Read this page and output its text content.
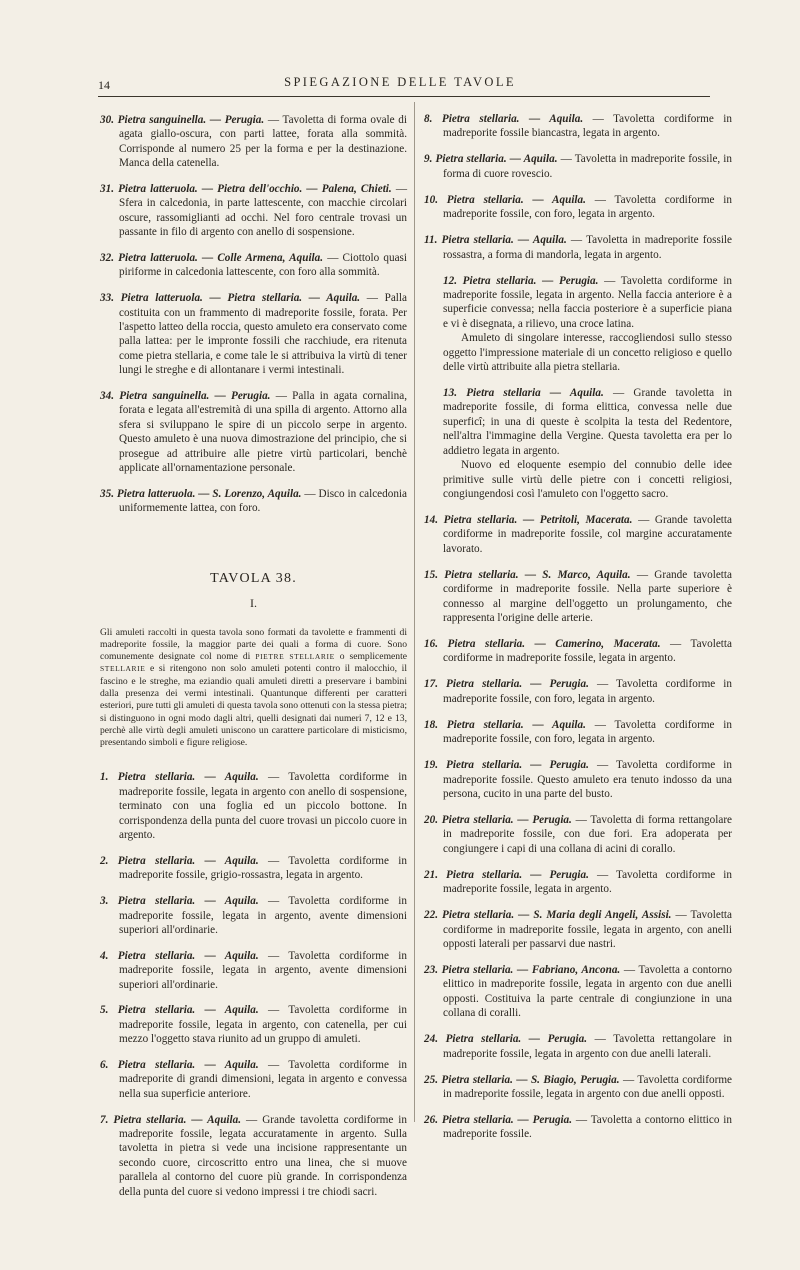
14	SPIEGAZIONE DELLE TAVOLE
30. Pietra sanguinella. — Perugia. — Tavoletta di forma ovale di agata giallo-oscura, con parti lattee, forata alla sommità. Corrisponde al numero 25 per la forma e per la destinazione. Manca della catenella.
31. Pietra latteruola. — Pietra dell'occhio. — Palena, Chieti. — Sfera in calcedonia, in parte lattescente, con macchie circolari oscure, rassomiglianti ad occhi. Nel foro centrale trovasi un passante in filo di argento con anello di sospensione.
32. Pietra latteruola. — Colle Armena, Aquila. — Ciottolo quasi piriforme in calcedonia lattescente, con foro alla sommità.
33. Pietra latteruola. — Pietra stellaria. — Aquila. — Palla costituita con un frammento di madreporite fossile, forata. Per l'aspetto latteo della roccia, questo amuleto era conservato come palla lattea: per le impronte fossili che racchiude, era ritenuta come pietra stellaria, e come tale le si attribuiva la virtù di tener lungi le streghe e di allontanare i vermi intestinali.
34. Pietra sanguinella. — Perugia. — Palla in agata cornalina, forata e legata all'estremità di una spilla di argento. Attorno alla sfera si sviluppano le spire di un piccolo serpe in argento. Questo amuleto è una nuova dimostrazione del principio, che si prosegue ad attribuire alle pietre virtù particolari, benchè applicate all'ornamentazione personale.
35. Pietra latteruola. — S. Lorenzo, Aquila. — Disco in calcedonia uniformemente lattea, con foro.
TAVOLA 38.
I.
Gli amuleti raccolti in questa tavola sono formati da tavolette e frammenti di madreporite fossile, la maggior parte dei quali a forma di cuore. Sono comunemente designate col nome di PIETRE STELLARIE o semplicemente STELLARIE e si ritengono non solo amuleti potenti contro il malocchio, il fascino e le streghe, ma eziandio quali amuleti diretti a preservare i bambini dalla presenza dei vermi intestinali. Quantunque differenti per caratteri esteriori, pure tutti gli amuleti di questa tavola sono ottenuti con la stessa pietra; si distinguono in ogni modo dagli altri, quelli designati dai numeri 7, 12 e 13, perchè alle virtù degli amuleti uniscono un carattere particolare di misticismo, presentando simboli e figure religiose.
1. Pietra stellaria. — Aquila. — Tavoletta cordiforme in madreporite fossile, legata in argento con anello di sospensione, terminato con una foglia ed un piccolo bottone. In corrispondenza della punta del cuore trovasi un piccolo cuore in argento.
2. Pietra stellaria. — Aquila. — Tavoletta cordiforme in madreporite fossile, grigio-rossastra, legata in argento.
3. Pietra stellaria. — Aquila. — Tavoletta cordiforme in madreporite fossile, legata in argento, avente dimensioni superiori all'ordinarie.
4. Pietra stellaria. — Aquila. — Tavoletta cordiforme in madreporite fossile, legata in argento, avente dimensioni superiori all'ordinarie.
5. Pietra stellaria. — Aquila. — Tavoletta cordiforme in madreporite fossile, legata in argento, con catenella, per cui mezzo l'oggetto stava riunito ad un gruppo di amuleti.
6. Pietra stellaria. — Aquila. — Tavoletta cordiforme in madreporite di grandi dimensioni, legata in argento e convessa nella sua superficie anteriore.
7. Pietra stellaria. — Aquila. — Grande tavoletta cordiforme in madreporite fossile, legata accuratamente in argento. Sulla tavoletta in pietra si vede una incisione rappresentante un secondo cuore, circoscritto entro una linea, che si muove parallela al contorno del cuore più grande. In corrispondenza della punta del cuore si vedono impressi i tre chiodi sacri.
8. Pietra stellaria. — Aquila. — Tavoletta cordiforme in madreporite fossile biancastra, legata in argento.
9. Pietra stellaria. — Aquila. — Tavoletta in madreporite fossile, in forma di cuore rovescio.
10. Pietra stellaria. — Aquila. — Tavoletta cordiforme in madreporite fossile, con foro, legata in argento.
11. Pietra stellaria. — Aquila. — Tavoletta in madreporite fossile rossastra, a forma di mandorla, legata in argento.

12. Pietra stellaria. — Perugia. — Tavoletta cordiforme in madreporite fossile, legata in argento. Nella faccia anteriore è a superficie convessa; nella faccia posteriore è a superficie piana e vi è disegnata, a rilievo, una croce latina.

Amuleto di singolare interesse, raccogliendosi sullo stesso oggetto l'impressione materiale di un concetto religioso e quello delle virtù attribuite alla pietra stellaria.

13. Pietra stellaria — Aquila. — Grande tavoletta in madreporite fossile, di forma elittica, convessa nelle due superficî; in una di queste è scolpita la testa del Redentore, nell'altra l'immagine della Vergine. Questa tavoletta era per lo addietro legata in argento.

Nuovo ed eloquente esempio del connubio delle idee primitive sulle virtù delle pietre con i concetti religiosi, congiungendosi così l'amuleto con l'oggetto sacro.

14. Pietra stellaria. — Petritoli, Macerata. — Grande tavoletta cordiforme in madreporite fossile, col margine accuratamente lavorato.
15. Pietra stellaria. — S. Marco, Aquila. — Grande tavoletta cordiforme in madreporite fossile. Nella parte superiore è connesso al margine dell'oggetto un prolungamento, che rappresenta l'origine delle arterie.
16. Pietra stellaria. — Camerino, Macerata. — Tavoletta cordiforme in madreporite fossile, legata in argento.
17. Pietra stellaria. — Perugia. — Tavoletta cordiforme in madreporite fossile, con foro, legata in argento.
18. Pietra stellaria. — Aquila. — Tavoletta cordiforme in madreporite fossile, con foro, legata in argento.
19. Pietra stellaria. — Perugia. — Tavoletta cordiforme in madreporite fossile. Questo amuleto era tenuto indosso da una persona, cucito in una parte del busto.
20. Pietra stellaria. — Perugia. — Tavoletta di forma rettangolare in madreporite fossile, con due fori. Era adoperata per congiungere i capi di una collana di acini di corallo.
21. Pietra stellaria. — Perugia. — Tavoletta cordiforme in madreporite fossile, legata in argento.
22. Pietra stellaria. — S. Maria degli Angeli, Assisi. — Tavoletta cordiforme in madreporite fossile, legata in argento, con anelli opposti laterali per passarvi due nastri.
23. Pietra stellaria. — Fabriano, Ancona. — Tavoletta a contorno elittico in madreporite fossile, legata in argento con due anelli opposti. Costituiva la parte centrale di congiunzione in una collana di coralli.
24. Pietra stellaria. — Perugia. — Tavoletta rettangolare in madreporite fossile, legata in argento con due anelli laterali.
25. Pietra stellaria. — S. Biagio, Perugia. — Tavoletta cordiforme in madreporite fossile, legata in argento con due anelli opposti.
26. Pietra stellaria. — Perugia. — Tavoletta a contorno elittico in madreporite fossile.
